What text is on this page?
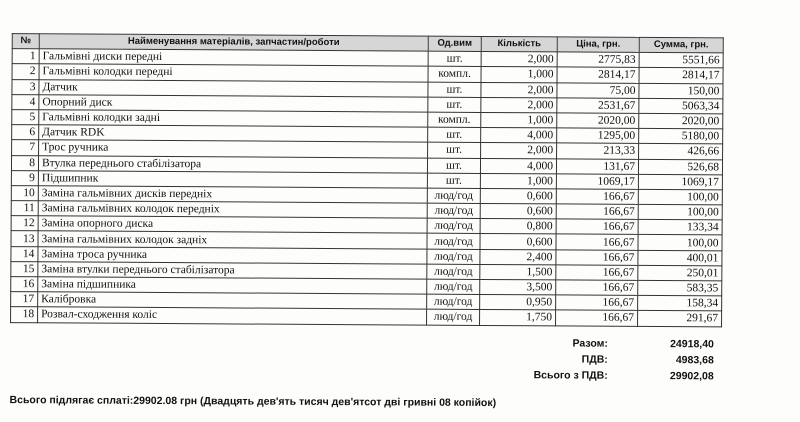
№	Найменування матеріалів, запчастин/роботи	Од.вим	Кількість	Ціна, грн.	Сумма, грн.
1	Гальмівні диски передні	шт.	2,000	2775,83	5551,66
2	Гальмівні колодки передні	компл.	1,000	2814,17	2814,17
3	Датчик	шт.	2,000	75,00	150,00
4	Опорний диск	шт.	2,000	2531,67	5063,34
5	Гальмівні колодки задні	компл.	1,000	2020,00	2020,00
6	Датчик RDK	шт.	4,000	1295,00	5180,00
7	Трос ручника	шт.	2,000	213,33	426,66
8	Втулка переднього стабілізатора	шт.	4,000	131,67	526,68
9	Підшипник	шт.	1,000	1069,17	1069,17
10	Заміна гальмівних дисків передніх	люд/год	0,600	166,67	100,00
11	Заміна гальмівних колодок передніх	люд/год	0,600	166,67	100,00
12	Заміна опорного диска	люд/год	0,800	166,67	133,34
13	Заміна гальмівних колодок задніх	люд/год	0,600	166,67	100,00
14	Заміна троса ручника	люд/год	2,400	166,67	400,01
15	Заміна втулки переднього стабілізатора	люд/год	1,500	166,67	250,01
16	Заміна підшипника	люд/год	3,500	166,67	583,35
17	Калібровка	люд/год	0,950	166,67	158,34
18	Розвал-сходження коліс	люд/год	1,750	166,67	291,67
Разом:	24918,40
ПДВ:	4983,68
Всього з ПДВ:	29902,08
Всього підлягає сплаті:29902.08 грн (Двадцять дев'ять тисяч дев'ятсот дві гривні 08 копійок)
